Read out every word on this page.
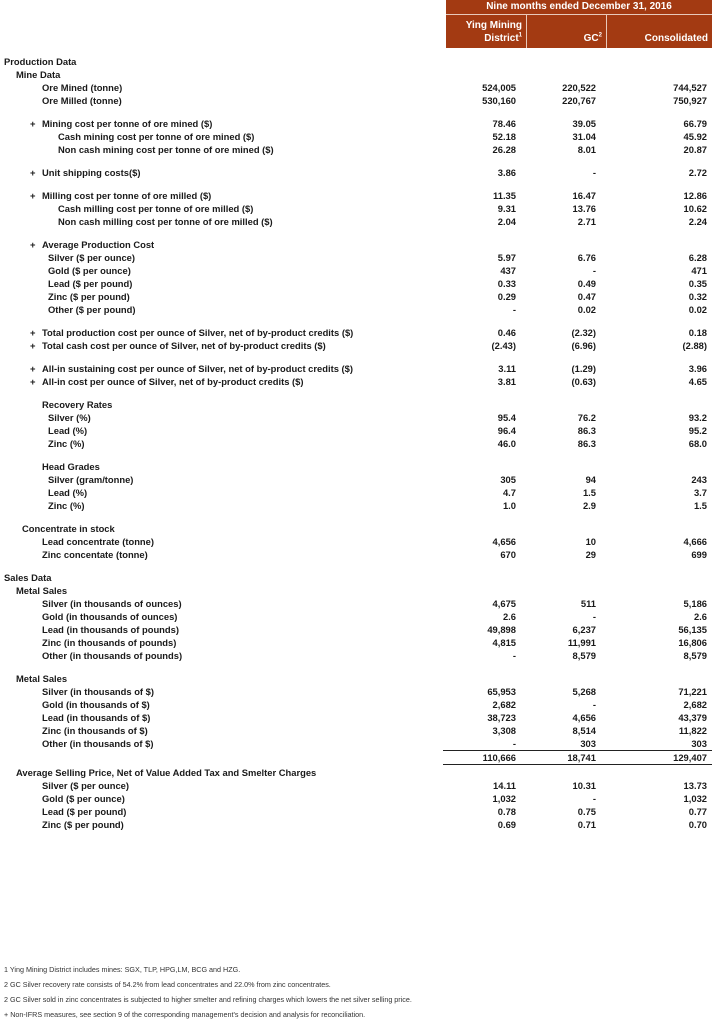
Nine months ended December 31, 2016
Ying Mining District$^1$	$GC^2$	Consolidated
Production Data
Mine Data
Ore Mined (tonne)	524,005	220,522	744,527
Ore Milled (tonne)	530,160	220,767	750,927
+ Mining cost per tonne of ore mined ($)	78.46	39.05	66.79
Cash mining cost per tonne of ore mined ($)	52.18	31.04	45.92
Non cash mining cost per tonne of ore mined ($)	26.28	8.01	20.87
+ Unit shipping costs($)	3.86	-	2.72
+ Milling cost per tonne of ore milled ($)	11.35	16.47	12.86
Cash milling cost per tonne of ore milled ($)	9.31	13.76	10.62
Non cash milling cost per tonne of ore milled ($)	2.04	2.71	2.24
+ Average Production Cost
Silver ($ per ounce)	5.97	6.76	6.28
Gold ($ per ounce)	437	-	471
Lead ($ per pound)	0.33	0.49	0.35
Zinc ($ per pound)	0.29	0.47	0.32
Other ($ per pound)	-	0.02	0.02
+ Total production cost per ounce of Silver, net of by-product credits ($)	0.46	(2.32)	0.18
+ Total cash cost per ounce of Silver, net of by-product credits ($)	(2.43)	(6.96)	(2.88)
+ All-in sustaining cost per ounce of Silver, net of by-product credits ($)	3.11	(1.29)	3.96
+ All-in cost per ounce of Silver, net of by-product credits ($)	3.81	(0.63)	4.65
Recovery Rates
Silver (%)	95.4	76.2	93.2
Lead (%)	96.4	86.3	95.2
Zinc (%)	46.0	86.3	68.0
Head Grades
Silver (gram/tonne)	305	94	243
Lead (%)	4.7	1.5	3.7
Zinc (%)	1.0	2.9	1.5
Concentrate in stock
Lead concentrate (tonne)	4,656	10	4,666
Zinc concentate (tonne)	670	29	699
Sales Data
Metal Sales
Silver (in thousands of ounces)	4,675	511	5,186
Gold (in thousands of ounces)	2.6	-	2.6
Lead (in thousands of pounds)	49,898	6,237	56,135
Zinc (in thousands of pounds)	4,815	11,991	16,806
Other (in thousands of pounds)	-	8,579	8,579
Metal Sales
Silver (in thousands of $)	65,953	5,268	71,221
Gold (in thousands of $)	2,682	-	2,682
Lead (in thousands of $)	38,723	4,656	43,379
Zinc (in thousands of $)	3,308	8,514	11,822
Other (in thousands of $)	-	303	303
110,666	18,741	129,407
Average Selling Price, Net of Value Added Tax and Smelter Charges
Silver ($ per ounce)	14.11	10.31	13.73
Gold ($ per ounce)	1,032	-	1,032
Lead ($ per pound)	0.78	0.75	0.77
Zinc ($ per pound)	0.69	0.71	0.70
1 Ying Mining District includes mines: SGX, TLP, HPG,LM, BCG and HZG.
2 GC Silver recovery rate consists of 54.2% from lead concentrates and 22.0% from zinc concentrates.
2 GC Silver sold in zinc concentrates is subjected to higher smelter and refining charges which lowers the net silver selling price.
+ Non-IFRS measures, see section 9 of the corresponding management's decision and analysis for reconciliation.
